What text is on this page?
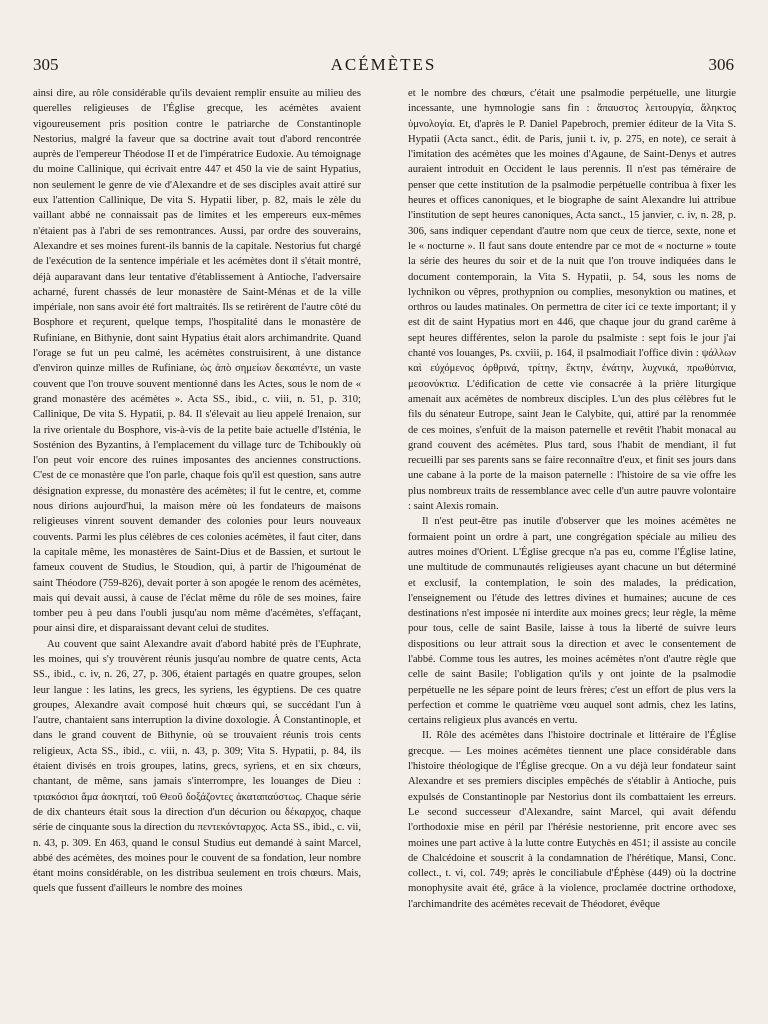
305	ACÉMÈTES	306

ainsi dire, au rôle considérable qu'ils devaient remplir ensuite au milieu des querelles religieuses de l'Église grecque, les acémètes avaient vigoureusement pris position contre le patriarche de Constantinople Nestorius, malgré la faveur que sa doctrine avait tout d'abord rencontrée auprès de l'empereur Théodose II et de l'impératrice Eudoxie. Au témoignage du moine Callinique, qui écrivait entre 447 et 450 la vie de saint Hypatius, non seulement le genre de vie d'Alexandre et de ses disciples avait attiré sur eux l'attention Callinique, De vita S. Hypatii liber, p. 82, mais le zèle du vaillant abbé ne connaissait pas de limites et les empereurs eux-mêmes n'étaient pas à l'abri de ses remontrances. Aussi, par ordre des souverains, Alexandre et ses moines furent-ils bannis de la capitale. Nestorius fut chargé de l'exécution de la sentence impériale et les acémètes dont il s'était montré, déjà auparavant dans leur tentative d'établissement à Antioche, l'adversaire acharné, furent chassés de leur monastère de Saint-Ménas et de la ville impériale, non sans avoir été fort maltraités. Ils se retirèrent de l'autre côté du Bosphore et reçurent, quelque temps, l'hospitalité dans le monastère de Rufiniane, en Bithynie, dont saint Hypatius était alors archimandrite. Quand l'orage se fut un peu calmé, les acémètes construisirent, à une distance d'environ quinze milles de Rufiniane, ὡς ἀπὸ σημείων δεκαπέντε, un vaste couvent que l'on trouve souvent mentionné dans les Actes, sous le nom de « grand monastère des acémètes ». Acta SS., ibid., c. viii, n. 51, p. 310; Callinique, De vita S. Hypatii, p. 84. Il s'élevait au lieu appelé Irenaion, sur la rive orientale du Bosphore, vis-à-vis de la petite baie actuelle d'Isténia, le Sosténion des Byzantins, à l'emplacement du village turc de Tchiboukly où l'on peut voir encore des ruines imposantes des anciennes constructions. C'est de ce monastère que l'on parle, chaque fois qu'il est question, sans autre désignation expresse, du monastère des acémètes; il fut le centre, et, comme nous dirions aujourd'hui, la maison mère où les fondateurs de maisons religieuses vinrent souvent demander des colonies pour leurs nouveaux couvents. Parmi les plus célèbres de ces colonies acémètes, il faut citer, dans la capitale même, les monastères de Saint-Dius et de Bassien, et surtout le fameux couvent de Studius, le Stoudion, qui, à partir de l'higouménat de saint Théodore (759-826), devait porter à son apogée le renom des acémètes, mais qui devait aussi, à cause de l'éclat même du rôle de ses moines, faire tomber peu à peu dans l'oubli jusqu'au nom même d'acémètes, s'effaçant, pour ainsi dire, et disparaissant devant celui de studites.

Au couvent que saint Alexandre avait d'abord habité près de l'Euphrate, les moines, qui s'y trouvèrent réunis jusqu'au nombre de quatre cents, Acta SS., ibid., c. iv, n. 26, 27, p. 306, étaient partagés en quatre groupes, selon leur langue : les latins, les grecs, les syriens, les égyptiens. De ces quatre groupes, Alexandre avait composé huit chœurs qui, se succédant l'un à l'autre, chantaient sans interruption la divine doxologie. À Constantinople, et dans le grand couvent de Bithynie, où se trouvaient réunis trois cents religieux, Acta SS., ibid., c. viii, n. 43, p. 309; Vita S. Hypatii, p. 84, ils étaient divisés en trois groupes, latins, grecs, syriens, et en six chœurs, chantant, de même, sans jamais s'interrompre, les louanges de Dieu : τριακόσιοι ἅμα ἀσκηταί, τοῦ Θεοῦ δοξάζοντες ἀκαταπαύστως. Chaque série de dix chanteurs était sous la direction d'un décurion ou δέκαρχος, chaque série de cinquante sous la direction du πεντεκόνταρχος. Acta SS., ibid., c. vii, n. 43, p. 309. En 463, quand le consul Studius eut demandé à saint Marcel, abbé des acémètes, des moines pour le couvent de sa fondation, leur nombre étant moins considérable, on les distribua seulement en trois chœurs. Mais, quels que fussent d'ailleurs le nombre des moines

et le nombre des chœurs, c'était une psalmodie perpétuelle, une liturgie incessante, une hymnologie sans fin : ἄπαυστος λειτουργία, ἄληκτος ὑμνολογία. Et, d'après le P. Daniel Papebroch, premier éditeur de la Vita S. Hypatii (Acta sanct., édit. de Paris, junii t. iv, p. 275, en note), ce serait à l'imitation des acémètes que les moines d'Agaune, de Saint-Denys et autres auraient introduit en Occident le laus perennis. Il n'est pas téméraire de penser que cette institution de la psalmodie perpétuelle contribua à fixer les heures et offices canoniques, et le biographe de saint Alexandre lui attribue l'institution de sept heures canoniques, Acta sanct., 15 janvier, c. iv, n. 28, p. 306, sans indiquer cependant d'autre nom que ceux de tierce, sexte, none et le « nocturne ». Il faut sans doute entendre par ce mot de « nocturne » toute la série des heures du soir et de la nuit que l'on trouve indiquées dans le document contemporain, la Vita S. Hypatii, p. 54, sous les noms de lychnikon ou vêpres, prothypnion ou complies, mesonyktion ou matines, et orthros ou laudes matinales. On permettra de citer ici ce texte important; il y est dit de saint Hypatius mort en 446, que chaque jour du grand carême à sept heures différentes, selon la parole du psalmiste : sept fois le jour j'ai chanté vos louanges, Ps. cxviii, p. 164, il psalmodiait l'office divin : ψάλλων καὶ εὐχόμενος ὀρθρινά, τρίτην, ἕκτην, ἐνάτην, λυχνικά, πρωθύπνια, μεσονύκτια. L'édification de cette vie consacrée à la prière liturgique amenait aux acémètes de nombreux disciples. L'un des plus célèbres fut le fils du sénateur Eutrope, saint Jean le Calybite, qui, attiré par la renommée de ces moines, s'enfuit de la maison paternelle et revêtit l'habit monacal au grand couvent des acémètes. Plus tard, sous l'habit de mendiant, il fut recueilli par ses parents sans se faire reconnaître d'eux, et finit ses jours dans une cabane à la porte de la maison paternelle : l'histoire de sa vie offre les plus nombreux traits de ressemblance avec celle d'un autre pauvre volontaire : saint Alexis romain.

Il n'est peut-être pas inutile d'observer que les moines acémètes ne formaient point un ordre à part, une congrégation spéciale au milieu des autres moines d'Orient. L'Église grecque n'a pas eu, comme l'Église latine, une multitude de communautés religieuses ayant chacune un but déterminé et exclusif, la contemplation, le soin des malades, la prédication, l'enseignement ou l'étude des lettres divines et humaines; aucune de ces destinations n'est imposée ni interdite aux moines grecs; leur règle, la même pour tous, celle de saint Basile, laisse à tous la liberté de suivre leurs dispositions ou leur attrait sous la direction et avec le consentement de l'abbé. Comme tous les autres, les moines acémètes n'ont d'autre règle que celle de saint Basile; l'obligation qu'ils y ont jointe de la psalmodie perpétuelle ne les sépare point de leurs frères; c'est un effort de plus vers la perfection et comme le quatrième vœu auquel sont admis, chez les latins, certains religieux plus avancés en vertu.

II. Rôle des acémètes dans l'histoire doctrinale et littéraire de l'Église grecque. — Les moines acémètes tiennent une place considérable dans l'histoire théologique de l'Église grecque. On a vu déjà leur fondateur saint Alexandre et ses premiers disciples empêchés de s'établir à Antioche, puis expulsés de Constantinople par Nestorius dont ils combattaient les erreurs. Le second successeur d'Alexandre, saint Marcel, qui avait défendu l'orthodoxie mise en péril par l'hérésie nestorienne, prit encore avec ses moines une part active à la lutte contre Eutychès en 451; il assiste au concile de Chalcédoine et souscrit à la condamnation de l'hérétique, Mansi, Conc. collect., t. vi, col. 749; après le conciliabule d'Éphèse (449) où la doctrine monophysite avait été, grâce à la violence, proclamée doctrine orthodoxe, l'archimandrite des acémètes recevait de Théodoret, évêque
